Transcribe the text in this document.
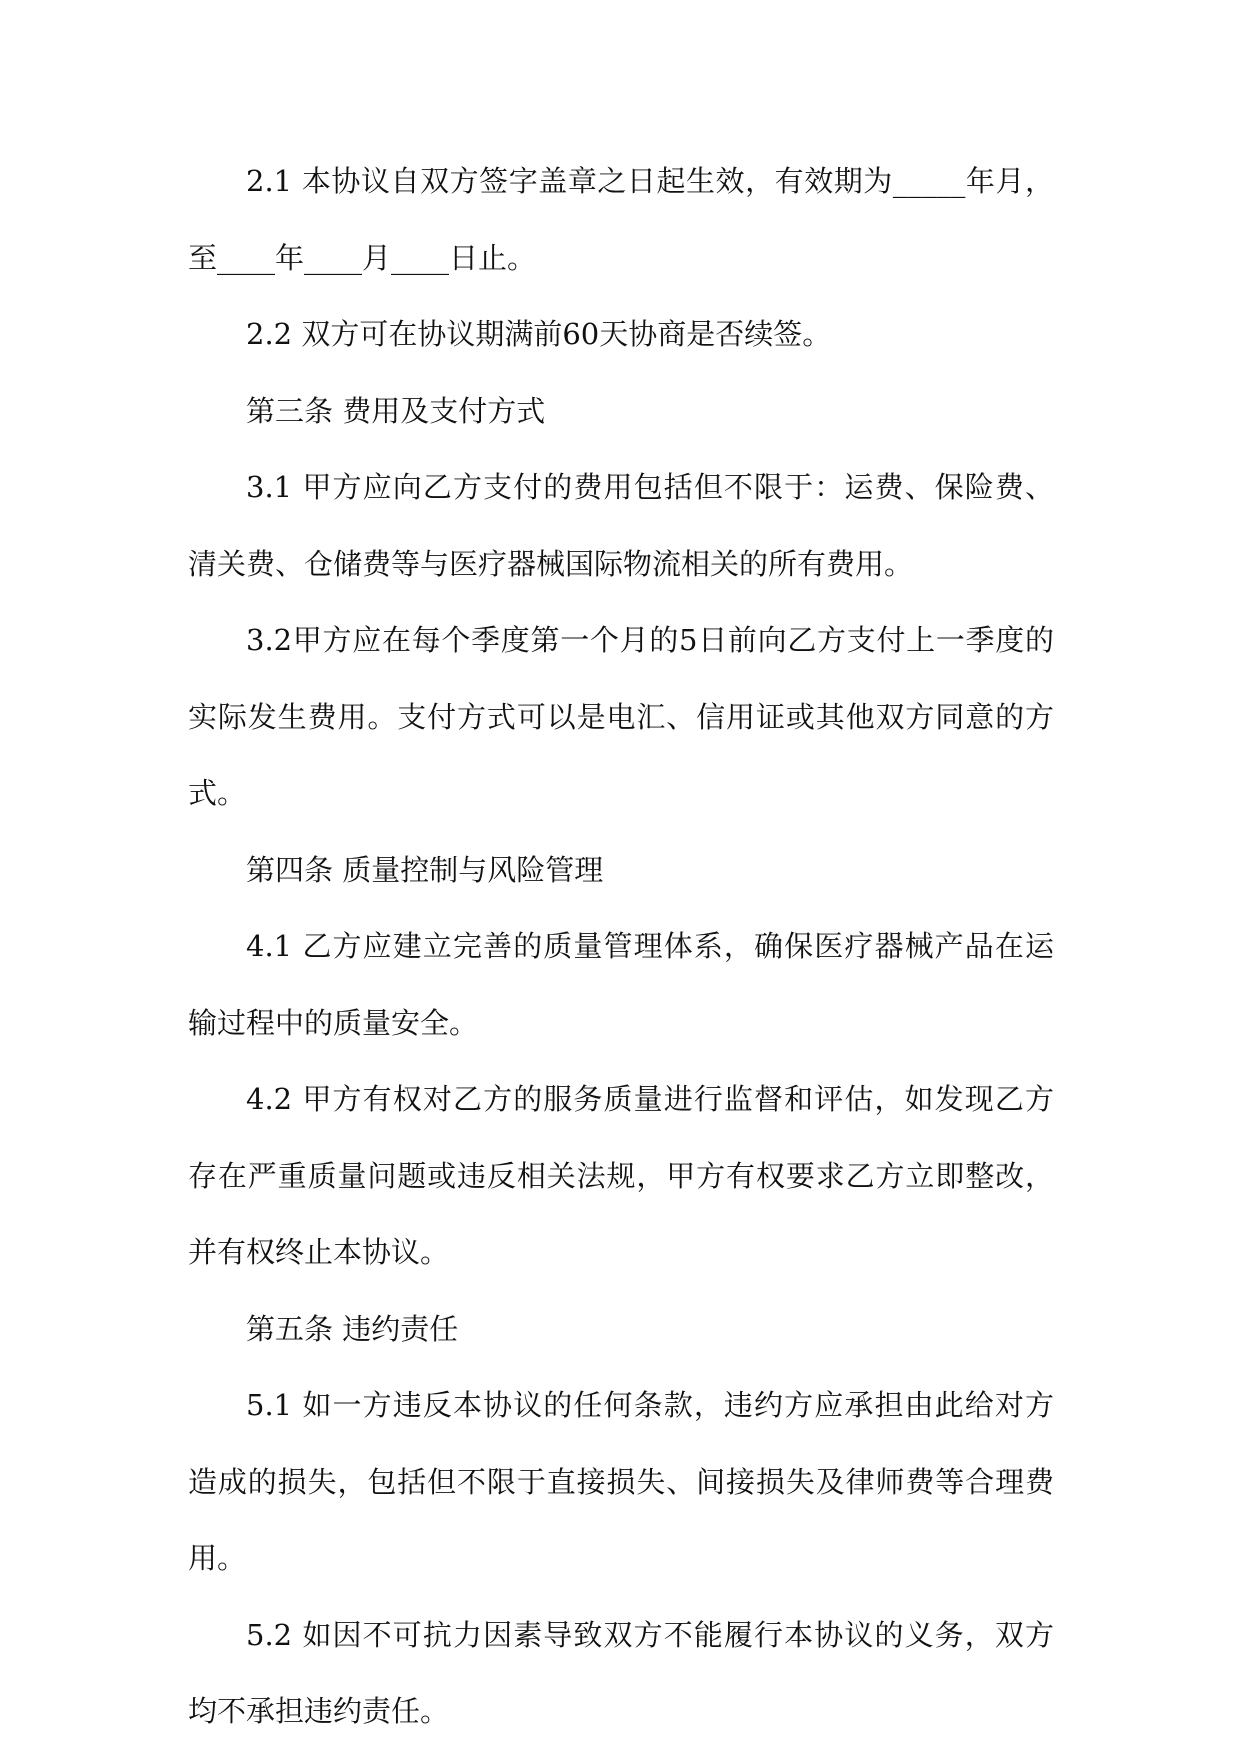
2.1 本协议自双方签字盖章之日起生效，有效期为_____年月，至____年____月____日止。

2.2 双方可在协议期满前60天协商是否续签。

第三条 费用及支付方式

3.1 甲方应向乙方支付的费用包括但不限于：运费、保险费、清关费、仓储费等与医疗器械国际物流相关的所有费用。

3.2甲方应在每个季度第一个月的5日前向乙方支付上一季度的实际发生费用。支付方式可以是电汇、信用证或其他双方同意的方式。

第四条 质量控制与风险管理

4.1 乙方应建立完善的质量管理体系，确保医疗器械产品在运输过程中的质量安全。

4.2 甲方有权对乙方的服务质量进行监督和评估，如发现乙方存在严重质量问题或违反相关法规，甲方有权要求乙方立即整改，并有权终止本协议。

第五条 违约责任

5.1 如一方违反本协议的任何条款，违约方应承担由此给对方造成的损失，包括但不限于直接损失、间接损失及律师费等合理费用。

5.2 如因不可抗力因素导致双方不能履行本协议的义务，双方均不承担违约责任。
